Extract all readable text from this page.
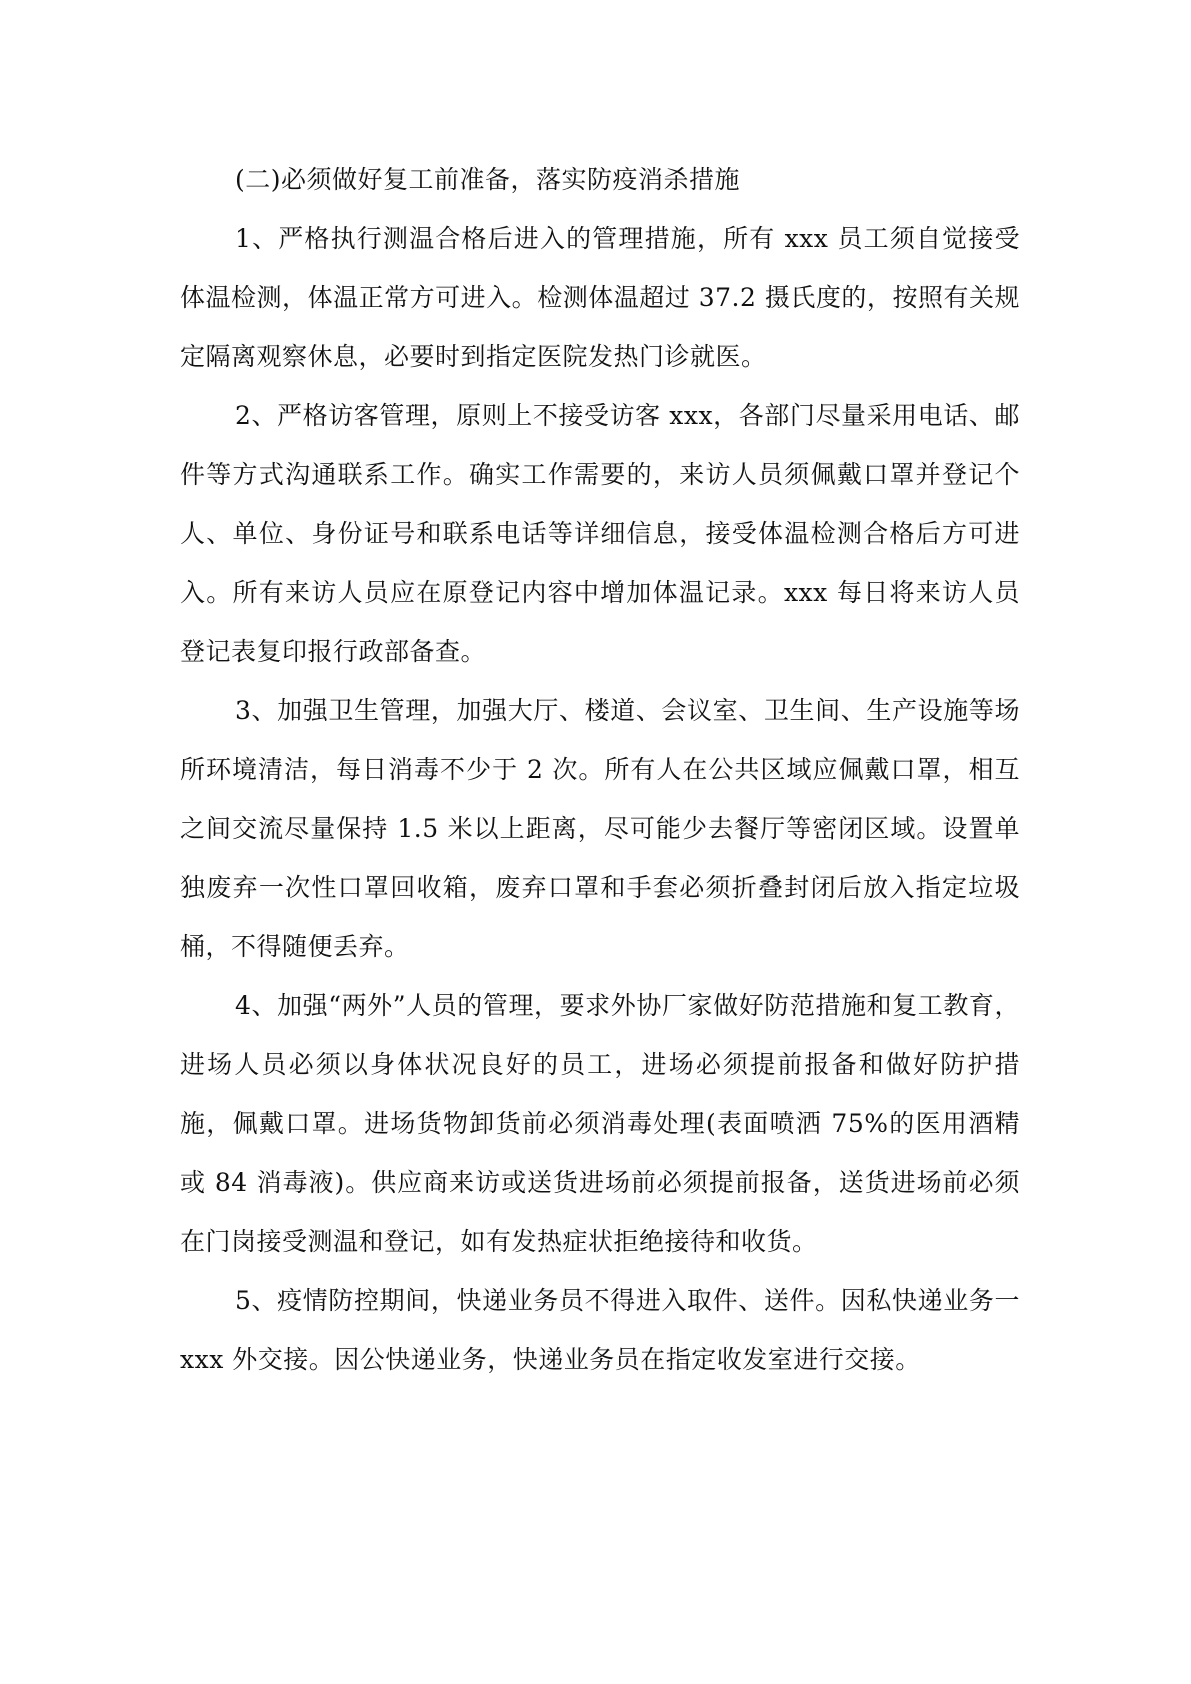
(二)必须做好复工前准备，落实防疫消杀措施

1、严格执行测温合格后进入的管理措施，所有 xxx 员工须自觉接受体温检测，体温正常方可进入。检测体温超过 37.2 摄氏度的，按照有关规定隔离观察休息，必要时到指定医院发热门诊就医。

2、严格访客管理，原则上不接受访客 xxx，各部门尽量采用电话、邮件等方式沟通联系工作。确实工作需要的，来访人员须佩戴口罩并登记个人、单位、身份证号和联系电话等详细信息，接受体温检测合格后方可进入。所有来访人员应在原登记内容中增加体温记录。xxx 每日将来访人员登记表复印报行政部备查。

3、加强卫生管理，加强大厅、楼道、会议室、卫生间、生产设施等场所环境清洁，每日消毒不少于 2 次。所有人在公共区域应佩戴口罩，相互之间交流尽量保持 1.5 米以上距离，尽可能少去餐厅等密闭区域。设置单独废弃一次性口罩回收箱，废弃口罩和手套必须折叠封闭后放入指定垃圾桶，不得随便丢弃。

4、加强“两外”人员的管理，要求外协厂家做好防范措施和复工教育，进场人员必须以身体状况良好的员工，进场必须提前报备和做好防护措施，佩戴口罩。进场货物卸货前必须消毒处理(表面喷洒 75%的医用酒精或 84 消毒液)。供应商来访或送货进场前必须提前报备，送货进场前必须在门岗接受测温和登记，如有发热症状拒绝接待和收货。

5、疫情防控期间，快递业务员不得进入取件、送件。因私快递业务一 xxx 外交接。因公快递业务，快递业务员在指定收发室进行交接。
